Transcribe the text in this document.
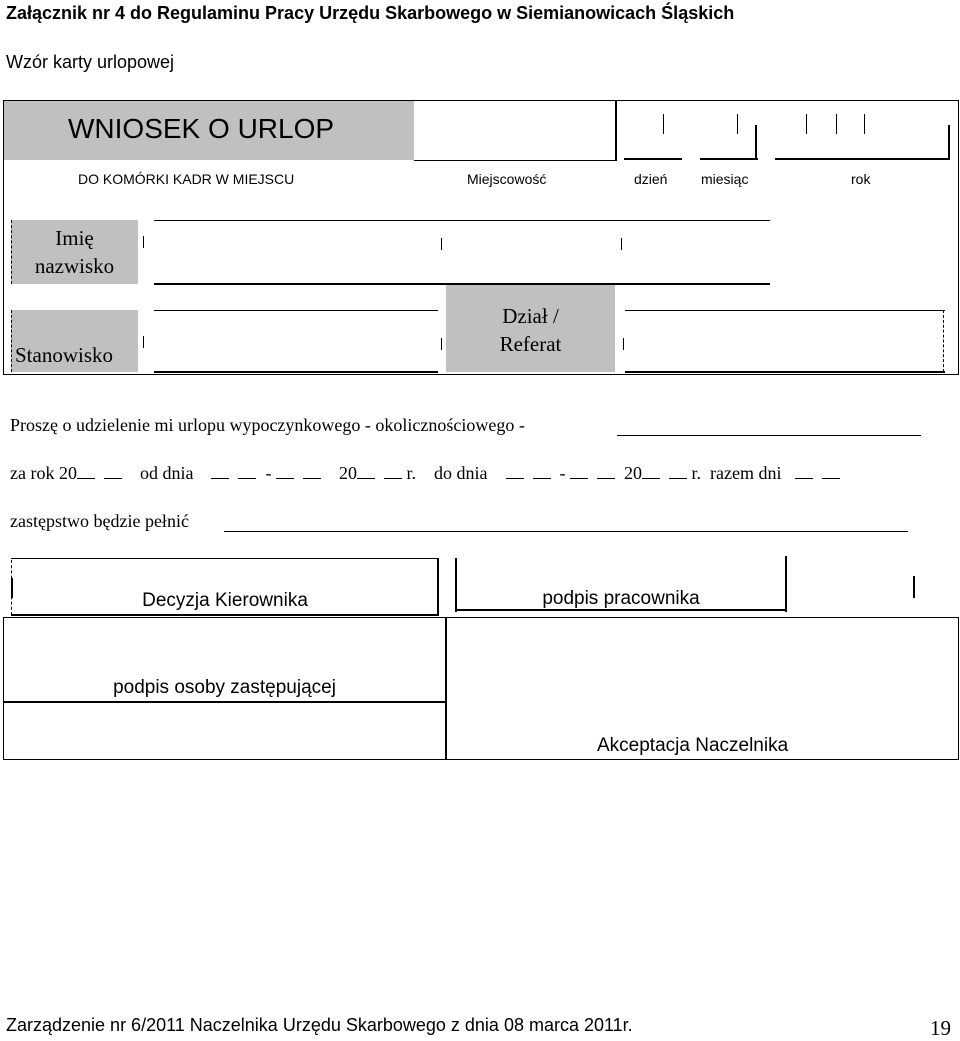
Załącznik nr 4 do Regulaminu Pracy Urzędu Skarbowego w Siemianowicach Śląskich
Wzór karty urlopowej
WNIOSEK O URLOP
DO KOMÓRKI KADR W MIEJSCU	Miejscowość	dzień miesiąc	rok
Imię
nazwisko
Stanowisko
Dział /
Referat
Proszę o udzielenie mi urlopu wypoczynkowego - okolicznościowego -
za rok 20	od dnia	-	20	r. do dnia	-	20	r. razem dni
zastępstwo będzie pełnić
Decyzja Kierownika	podpis pracownika
podpis osoby zastępującej
Akceptacja Naczelnika
Zarządzenie nr 6/2011 Naczelnika Urzędu Skarbowego z dnia 08 marca 2011r.	19
